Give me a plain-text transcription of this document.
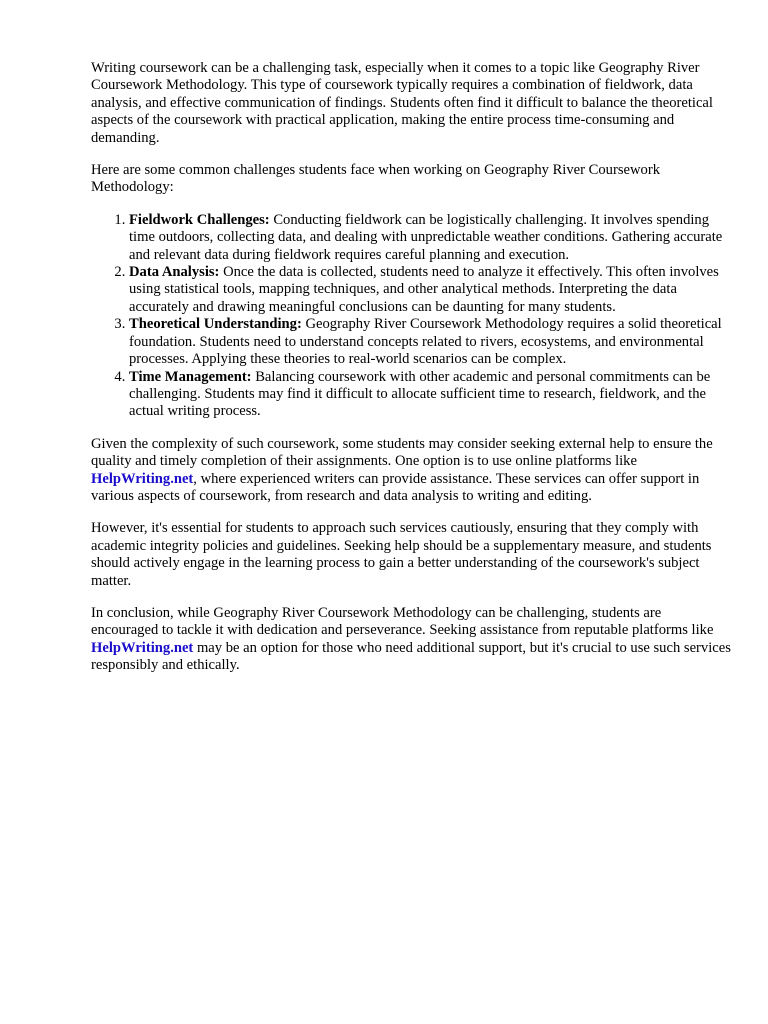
Writing coursework can be a challenging task, especially when it comes to a topic like Geography River Coursework Methodology. This type of coursework typically requires a combination of fieldwork, data analysis, and effective communication of findings. Students often find it difficult to balance the theoretical aspects of the coursework with practical application, making the entire process time-consuming and demanding.

Here are some common challenges students face when working on Geography River Coursework Methodology:

1. Fieldwork Challenges: Conducting fieldwork can be logistically challenging. It involves spending time outdoors, collecting data, and dealing with unpredictable weather conditions. Gathering accurate and relevant data during fieldwork requires careful planning and execution.
2. Data Analysis: Once the data is collected, students need to analyze it effectively. This often involves using statistical tools, mapping techniques, and other analytical methods. Interpreting the data accurately and drawing meaningful conclusions can be daunting for many students.
3. Theoretical Understanding: Geography River Coursework Methodology requires a solid theoretical foundation. Students need to understand concepts related to rivers, ecosystems, and environmental processes. Applying these theories to real-world scenarios can be complex.
4. Time Management: Balancing coursework with other academic and personal commitments can be challenging. Students may find it difficult to allocate sufficient time to research, fieldwork, and the actual writing process.

Given the complexity of such coursework, some students may consider seeking external help to ensure the quality and timely completion of their assignments. One option is to use online platforms like HelpWriting.net, where experienced writers can provide assistance. These services can offer support in various aspects of coursework, from research and data analysis to writing and editing.

However, it's essential for students to approach such services cautiously, ensuring that they comply with academic integrity policies and guidelines. Seeking help should be a supplementary measure, and students should actively engage in the learning process to gain a better understanding of the coursework's subject matter.

In conclusion, while Geography River Coursework Methodology can be challenging, students are encouraged to tackle it with dedication and perseverance. Seeking assistance from reputable platforms like HelpWriting.net may be an option for those who need additional support, but it's crucial to use such services responsibly and ethically.
